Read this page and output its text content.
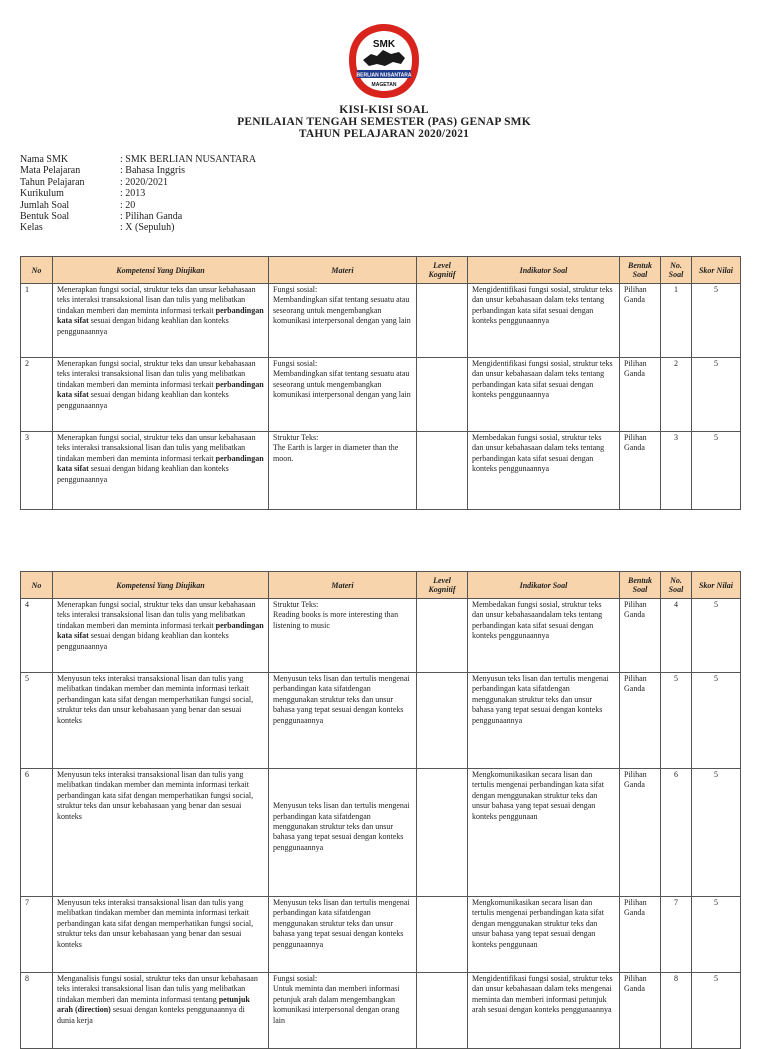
SMK
BERLIAN NUSANTARA
MAGETAN
KISI-KISI SOAL
PENILAIAN TENGAH SEMESTER (PAS) GENAP SMK
TAHUN PELAJARAN 2020/2021
Nama SMK	: SMK BERLIAN NUSANTARA
Mata Pelajaran	: Bahasa Inggris
Tahun Pelajaran	: 2020/2021
Kurikulum	: 2013
Jumlah Soal	: 20
Bentuk Soal	: Pilihan Ganda
Kelas	: X (Sepuluh)
No	Kompetensi Yang Diujikan	Materi	Level Kognitif	Indikator Soal	Bentuk Soal	No. Soal	Skor Nilai
1	Menerapkan fungsi social, struktur teks dan unsur kebahasaan teks interaksi transaksional lisan dan tulis yang melibatkan tindakan memberi dan meminta informasi terkait perbandingan kata sifat sesuai dengan bidang keahlian dan konteks penggunaannya	Fungsi sosial:
Membandingkan sifat tentang sesuatu atau seseorang untuk mengembangkan komunikasi interpersonal dengan yang lain		Mengidentifikasi fungsi sosial, struktur teks dan unsur kebahasaan dalam teks tentang perbandingan kata sifat sesuai dengan konteks penggunaannya	Pilihan Ganda	1	5
2	Menerapkan fungsi social, struktur teks dan unsur kebahasaan teks interaksi transaksional lisan dan tulis yang melibatkan tindakan memberi dan meminta informasi terkait perbandingan kata sifat sesuai dengan bidang keahlian dan konteks penggunaannya	Fungsi sosial:
Membandingkan sifat tentang sesuatu atau seseorang untuk mengembangkan komunikasi interpersonal dengan yang lain		Mengidentifikasi fungsi sosial, struktur teks dan unsur kebahasaan dalam teks tentang perbandingan kata sifat sesuai dengan konteks penggunaannya	Pilihan Ganda	2	5
3	Menerapkan fungsi social, struktur teks dan unsur kebahasaan teks interaksi transaksional lisan dan tulis yang melibatkan tindakan memberi dan meminta informasi terkait perbandingan kata sifat sesuai dengan bidang keahlian dan konteks penggunaannya	Struktur Teks:
The Earth is larger in diameter than the moon.		Membedakan fungsi sosial, struktur teks dan unsur kebahasaan dalam teks tentang perbandingan kata sifat sesuai dengan konteks penggunaannya	Pilihan Ganda	3	5
No	Kompetensi Yang Diujikan	Materi	Level Kognitif	Indikator Soal	Bentuk Soal	No. Soal	Skor Nilai
4	Menerapkan fungsi social, struktur teks dan unsur kebahasaan teks interaksi transaksional lisan dan tulis yang melibatkan tindakan memberi dan meminta informasi terkait perbandingan kata sifat sesuai dengan bidang keahlian dan konteks penggunaannya	Struktur Teks:
Reading books is more interesting than listening to music		Membedakan fungsi sosial, struktur teks dan unsur kebahasaandalam teks tentang perbandingan kata sifat sesuai dengan konteks penggunaannya	Pilihan Ganda	4	5
5	Menyusun teks interaksi transaksional lisan dan tulis yang melibatkan tindakan member dan meminta informasi terkait perbandingan kata sifat dengan memperhatikan fungsi social, struktur teks dan unsur kebahasaan yang benar dan sesuai konteks	Menyusun teks lisan dan tertulis mengenai perbandingan kata sifatdengan menggunakan struktur teks dan unsur bahasa yang tepat sesuai dengan konteks penggunaannya		Menyusun teks lisan dan tertulis mengenai perbandingan kata sifatdengan menggunakan struktur teks dan unsur bahasa yang tepat sesuai dengan konteks penggunaannya	Pilihan Ganda	5	5
6	Menyusun teks interaksi transaksional lisan dan tulis yang melibatkan tindakan member dan meminta informasi terkait perbandingan kata sifat dengan memperhatikan fungsi social, struktur teks dan unsur kebahasaan yang benar dan sesuai konteks	

Menyusun teks lisan dan tertulis mengenai perbandingan kata sifatdengan menggunakan struktur teks dan unsur bahasa yang tepat sesuai dengan konteks penggunaannya		Mengkomunikasikan secara lisan dan tertulis mengenai perbandingan kata sifat dengan menggunakan struktur teks dan unsur bahasa yang tepat sesuai dengan konteks penggunaan	Pilihan Ganda	6	5
7	Menyusun teks interaksi transaksional lisan dan tulis yang melibatkan tindakan member dan meminta informasi terkait perbandingan kata sifat dengan memperhatikan fungsi social, struktur teks dan unsur kebahasaan yang benar dan sesuai konteks	Menyusun teks lisan dan tertulis mengenai perbandingan kata sifatdengan menggunakan struktur teks dan unsur bahasa yang tepat sesuai dengan konteks penggunaannya		Mengkomunikasikan secara lisan dan tertulis mengenai perbandingan kata sifat dengan menggunakan struktur teks dan unsur bahasa yang tepat sesuai dengan konteks penggunaan	Pilihan Ganda	7	5
8	Menganalisis fungsi sosial, struktur teks dan unsur kebahasaan teks interaksi transaksional lisan dan tulis yang melibatkan tindakan memberi dan meminta informasi tentang petunjuk arah (direction) sesuai dengan konteks penggunaannya di dunia kerja	Fungsi sosial:
Untuk meminta dan memberi informasi petunjuk arah dalam mengembangkan komunikasi interpersonal dengan orang lain		Mengidentifikasi fungsi sosial, struktur teks dan unsur kebahasaan dalam teks mengenai meminta dan memberi informasi petunjuk arah sesuai dengan konteks penggunaannya	Pilihan Ganda	8	5
